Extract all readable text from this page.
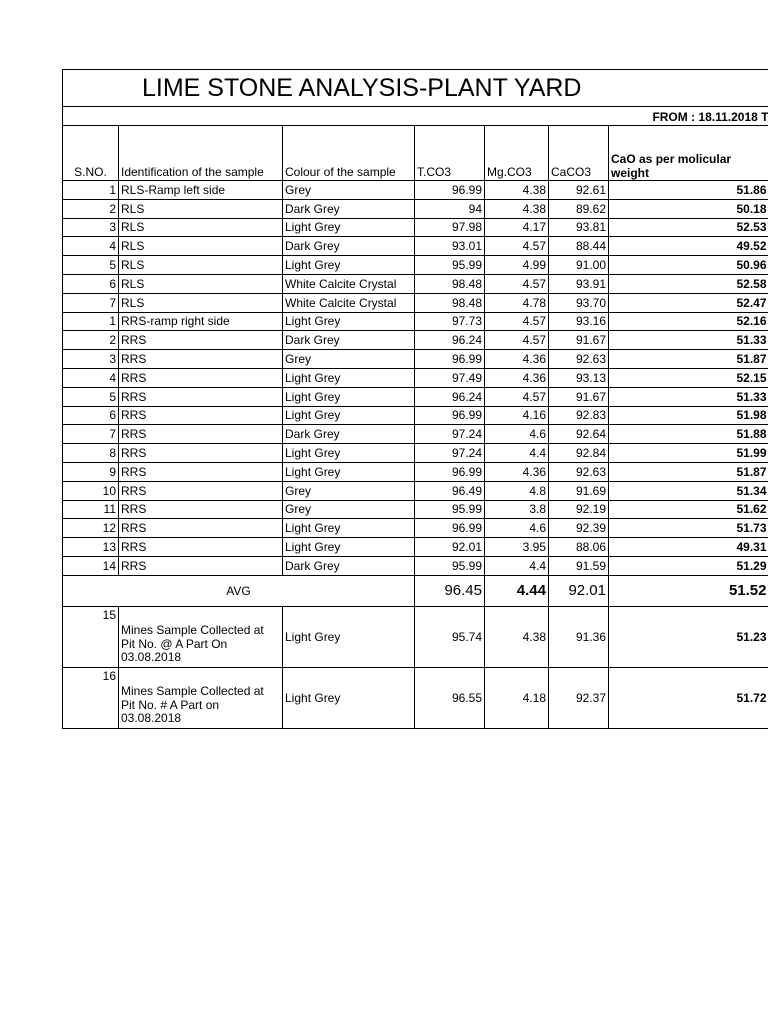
LIME STONE ANALYSIS-PLANT YARD						
FROM : 18.11.2018 T						
S.NO.	Identification of the sample	Colour of the sample	T.CO3	Mg.CO3	CaCO3	CaO as per molicular weight
1	RLS-Ramp left side	Grey	96.99	4.38	92.61	51.86
2	RLS	Dark Grey	94	4.38	89.62	50.18
3	RLS	Light Grey	97.98	4.17	93.81	52.53
4	RLS	Dark Grey	93.01	4.57	88.44	49.52
5	RLS	Light Grey	95.99	4.99	91.00	50.96
6	RLS	White Calcite Crystal	98.48	4.57	93.91	52.58
7	RLS	White Calcite Crystal	98.48	4.78	93.70	52.47
1	RRS-ramp right side	Light Grey	97.73	4.57	93.16	52.16
2	RRS	Dark Grey	96.24	4.57	91.67	51.33
3	RRS	Grey	96.99	4.36	92.63	51.87
4	RRS	Light Grey	97.49	4.36	93.13	52.15
5	RRS	Light Grey	96.24	4.57	91.67	51.33
6	RRS	Light Grey	96.99	4.16	92.83	51.98
7	RRS	Dark Grey	97.24	4.6	92.64	51.88
8	RRS	Light Grey	97.24	4.4	92.84	51.99
9	RRS	Light Grey	96.99	4.36	92.63	51.87
10	RRS	Grey	96.49	4.8	91.69	51.34
11	RRS	Grey	95.99	3.8	92.19	51.62
12	RRS	Light Grey	96.99	4.6	92.39	51.73
13	RRS	Light Grey	92.01	3.95	88.06	49.31
14	RRS	Dark Grey	95.99	4.4	91.59	51.29
AVG			96.45	4.44	92.01	51.52
15	Mines Sample Collected at Pit No. @ A Part On 03.08.2018	Light Grey	95.74	4.38	91.36	51.23
16	Mines Sample Collected at Pit No. # A Part on 03.08.2018	Light Grey	96.55	4.18	92.37	51.72
